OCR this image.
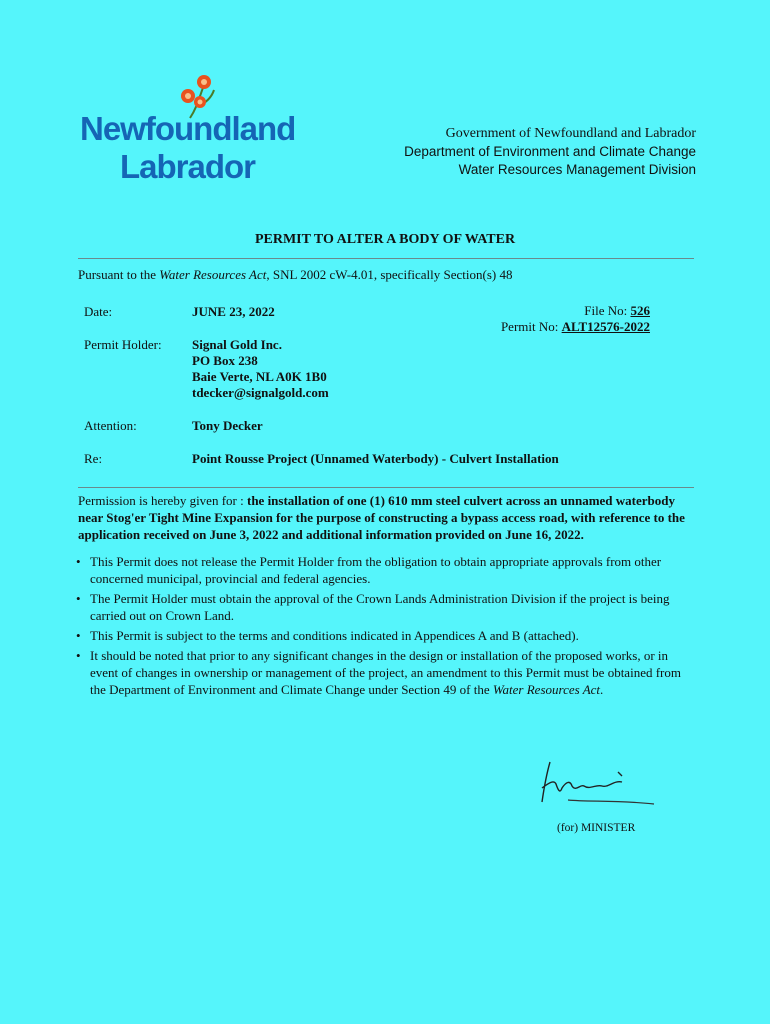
Newfoundland
Labrador
Government of Newfoundland and Labrador
Department of Environment and Climate Change
Water Resources Management Division
PERMIT TO ALTER A BODY OF WATER
Pursuant to the Water Resources Act, SNL 2002 cW-4.01, specifically Section(s) 48
Date:	JUNE 23, 2022	File No: 526
Permit No: ALT12576-2022
Permit Holder: Signal Gold Inc.
PO Box 238
Baie Verte, NL A0K 1B0
tdecker@signalgold.com
Attention:	Tony Decker
Re:	Point Rousse Project (Unnamed Waterbody) - Culvert Installation
Permission is hereby given for : the installation of one (1) 610 mm steel culvert across an unnamed waterbody near Stog'er Tight Mine Expansion for the purpose of constructing a bypass access road, with reference to the application received on June 3, 2022 and additional information provided on June 16, 2022.
• This Permit does not release the Permit Holder from the obligation to obtain appropriate approvals from other concerned municipal, provincial and federal agencies.
• The Permit Holder must obtain the approval of the Crown Lands Administration Division if the project is being carried out on Crown Land.
• This Permit is subject to the terms and conditions indicated in Appendices A and B (attached).
• It should be noted that prior to any significant changes in the design or installation of the proposed works, or in event of changes in ownership or management of the project, an amendment to this Permit must be obtained from the Department of Environment and Climate Change under Section 49 of the Water Resources Act.
(for) MINISTER
